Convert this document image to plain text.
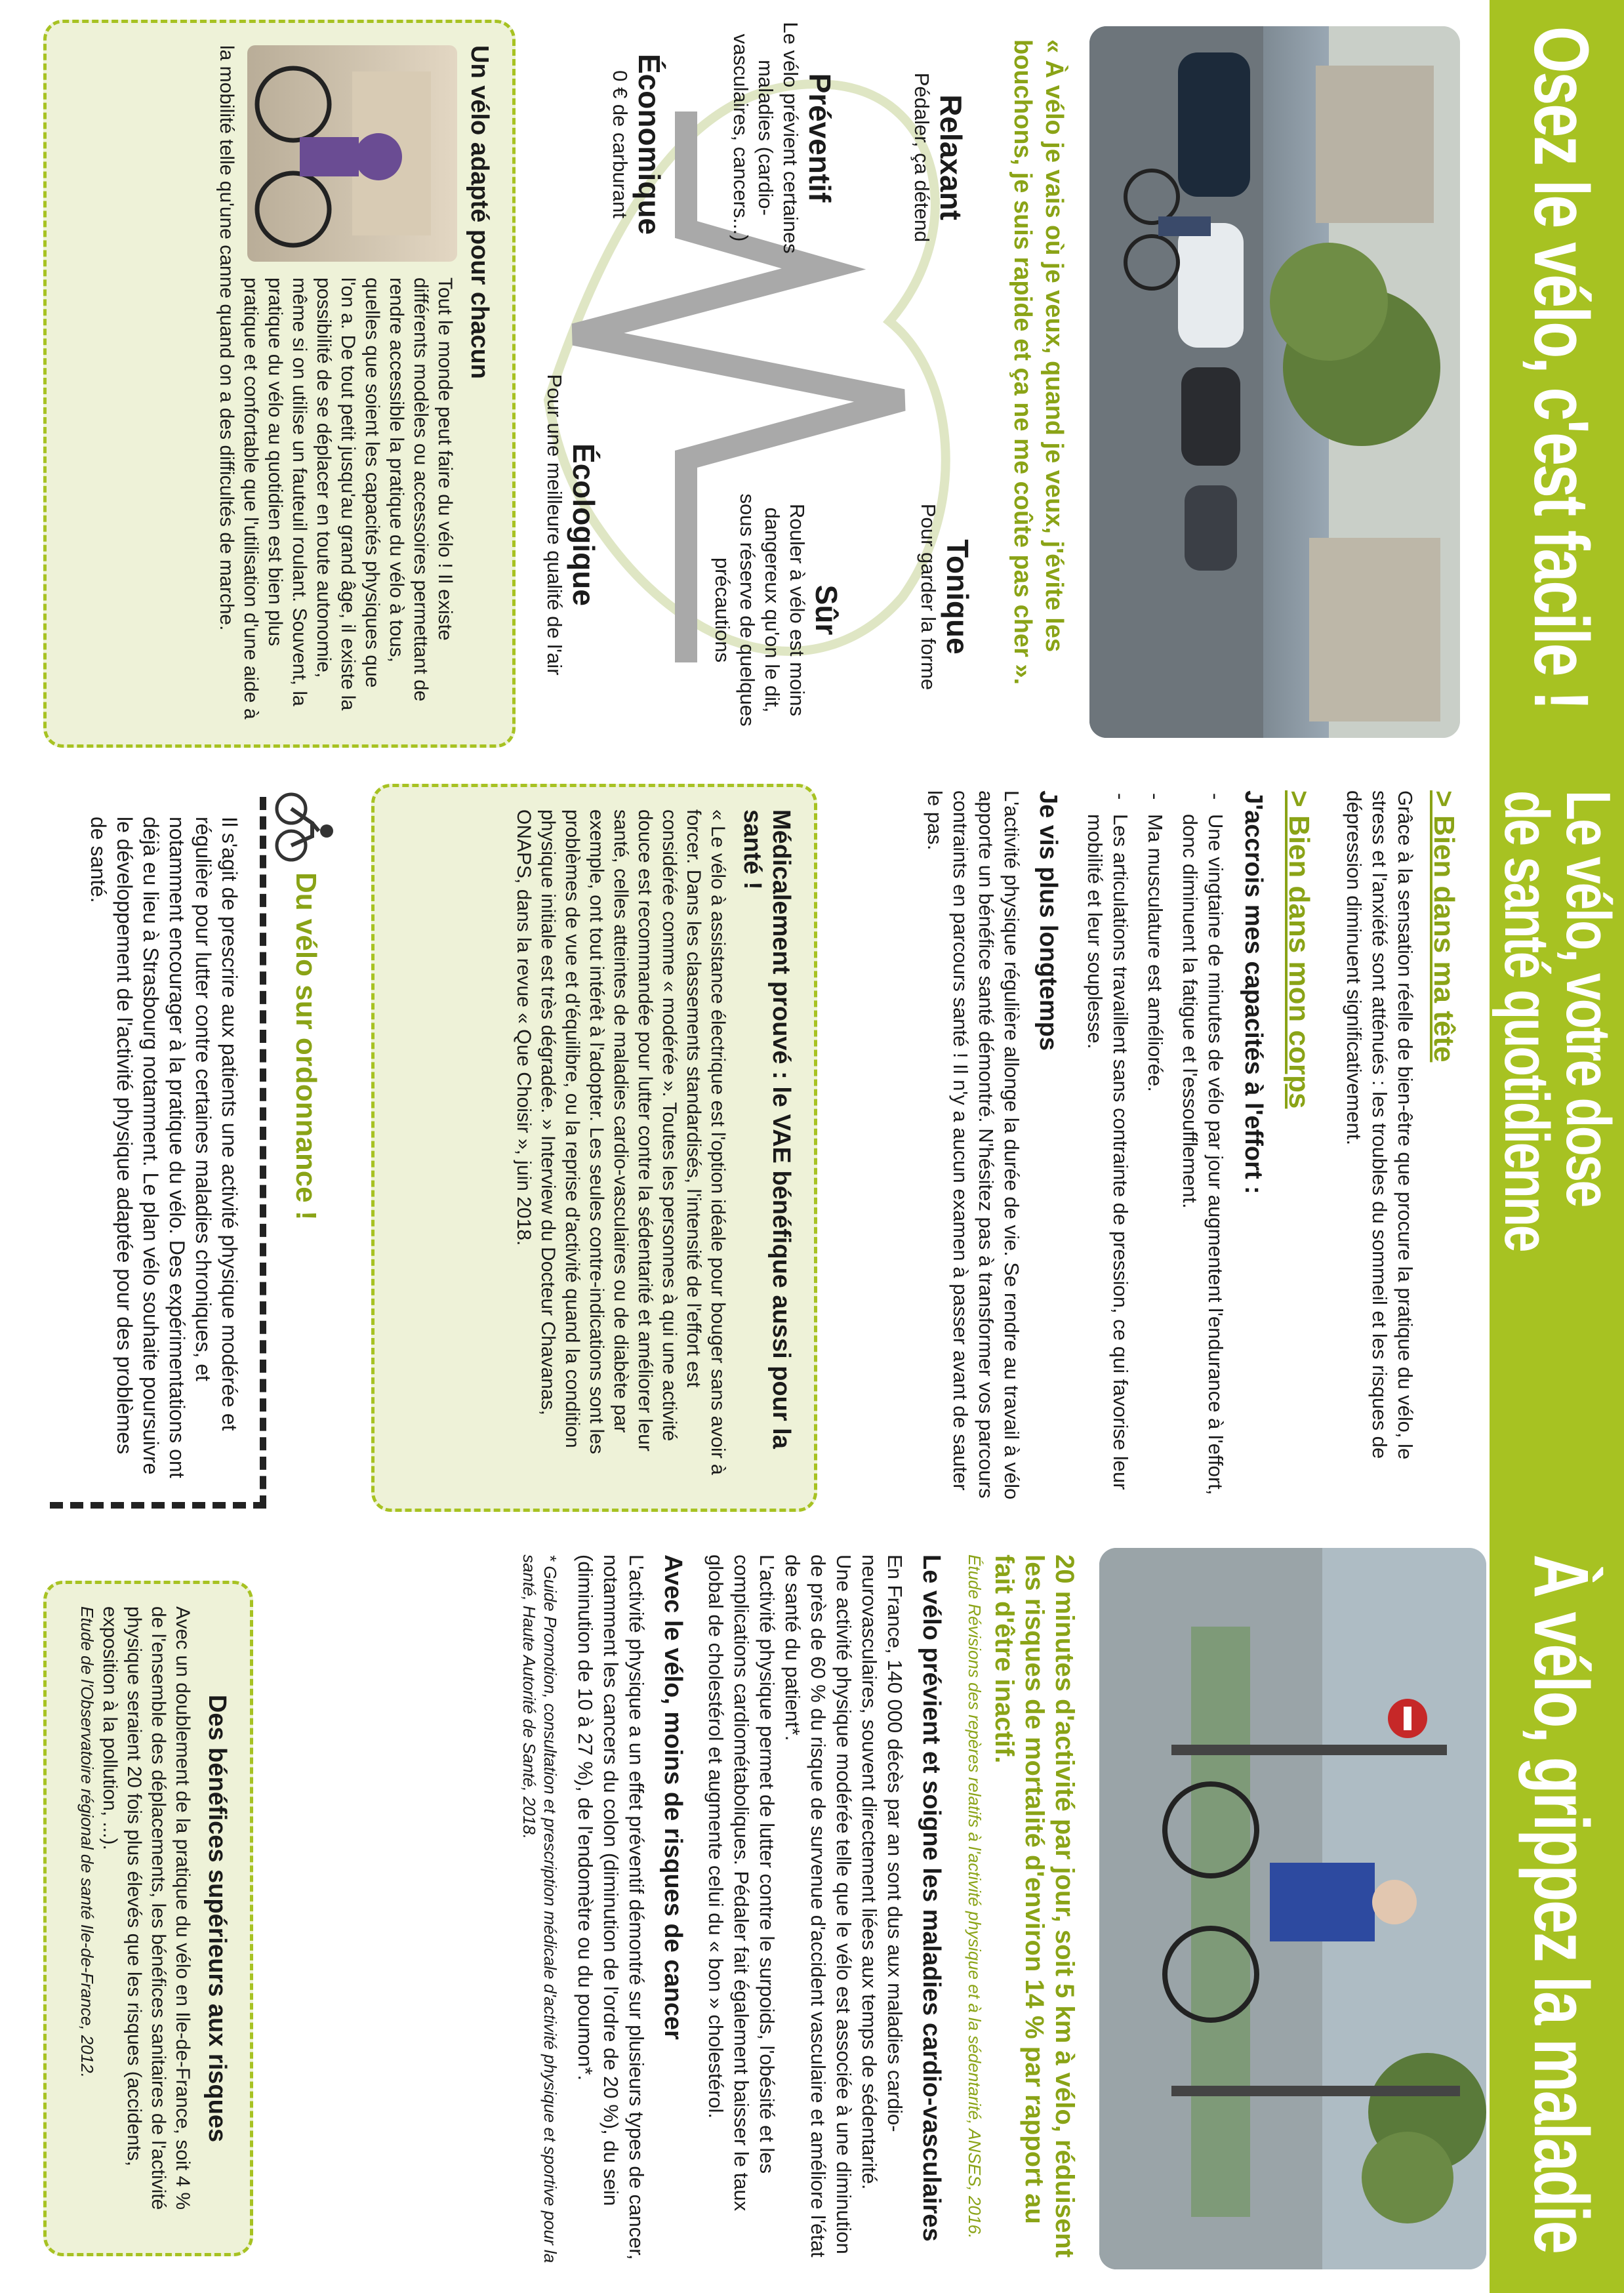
Osez le vélo, c'est facile !
« À vélo je vais où je veux, quand je veux, j'évite les bouchons, je suis rapide et ça ne me coûte pas cher ».
Relaxant
Pédaler, ça détend
Préventif
Le vélo prévient certaines maladies (cardio-vasculaires, cancers...)
Économique
0 € de carburant
Tonique
Pour garder la forme
Sûr
Rouler à vélo est moins dangereux qu'on le dit, sous réserve de quelques précautions
Écologique
Pour une meilleure qualité de l'air
Un vélo adapté pour chacun
Tout le monde peut faire du vélo ! Il existe différents modèles ou accessoires permettant de rendre accessible la pratique du vélo à tous, quelles que soient les capacités physiques que l'on a. De tout petit jusqu'au grand âge, il existe la possibilité de se déplacer en toute autonomie, même si on utilise un fauteuil roulant. Souvent, la pratique du vélo au quotidien est bien plus pratique et confortable que l'utilisation d'une aide à la mobilité telle qu'une canne quand on a des difficultés de marche.
Le vélo, votre dose
de santé quotidienne
> Bien dans ma tête
Grâce à la sensation réelle de bien-être que procure la pratique du vélo, le stress et l'anxiété sont atténués : les troubles du sommeil et les risques de dépression diminuent significativement.
> Bien dans mon corps
J'accrois mes capacités à l'effort :
- Une vingtaine de minutes de vélo par jour augmentent l'endurance à l'effort, donc diminuent la fatigue et l'essoufflement.
- Ma musculature est améliorée.
- Les articulations travaillent sans contrainte de pression, ce qui favorise leur mobilité et leur souplesse.
Je vis plus longtemps
L'activité physique régulière allonge la durée de vie. Se rendre au travail à vélo apporte un bénéfice santé démontré. N'hésitez pas à transformer vos parcours contraints en parcours santé ! Il n'y a aucun examen à passer avant de sauter le pas.
Médicalement prouvé : le VAE bénéfique aussi pour la santé !
« Le vélo à assistance électrique est l'option idéale pour bouger sans avoir à forcer. Dans les classements standardisés, l'intensité de l'effort est considérée comme « modérée ». Toutes les personnes à qui une activité douce est recommandée pour lutter contre la sédentarité et améliorer leur santé, celles atteintes de maladies cardio-vasculaires ou de diabète par exemple, ont tout intérêt à l'adopter. Les seules contre-indications sont les problèmes de vue et d'équilibre, ou la reprise d'activité quand la condition physique initiale est très dégradée. » Interview du Docteur Chavanas, ONAPS, dans la revue « Que Choisir », juin 2018.
Du vélo sur ordonnance !
Il s'agit de prescrire aux patients une activité physique modérée et régulière pour lutter contre certaines maladies chroniques, et notamment encourager à la pratique du vélo. Des expérimentations ont déjà eu lieu à Strasbourg notamment. Le plan vélo souhaite poursuivre le développement de l'activité physique adaptée pour des problèmes de santé.
À vélo, grippez la maladie
20 minutes d'activité par jour, soit 5 km à vélo, réduisent les risques de mortalité d'environ 14 % par rapport au fait d'être inactif.
Étude Révisions des repères relatifs à l'activité physique et à la sédentarité, ANSES, 2016.
Le vélo prévient et soigne les maladies cardio-vasculaires
En France, 140 000 décès par an sont dus aux maladies cardio-neurovasculaires, souvent directement liées aux temps de sédentarité.
Une activité physique modérée telle que le vélo est associée à une diminution de près de 60 % du risque de survenue d'accident vasculaire et améliore l'état de santé du patient*.
L'activité physique permet de lutter contre le surpoids, l'obésité et les complications cardiométaboliques. Pédaler fait également baisser le taux global de cholestérol et augmente celui du « bon » cholestérol.
Avec le vélo, moins de risques de cancer
L'activité physique a un effet préventif démontré sur plusieurs types de cancer, notamment les cancers du colon (diminution de l'ordre de 20 %), du sein (diminution de 10 à 27 %), de l'endomètre ou du poumon*.
* Guide Promotion, consultation et prescription médicale d'activité physique et sportive pour la santé, Haute Autorité de Santé, 2018.
Des bénéfices supérieurs aux risques
Avec un doublement de la pratique du vélo en Ile-de-France, soit 4 % de l'ensemble des déplacements, les bénéfices sanitaires de l'activité physique seraient 20 fois plus élevés que les risques (accidents, exposition à la pollution, ...).
Etude de l'Observatoire régional de santé Ile-de-France, 2012.
